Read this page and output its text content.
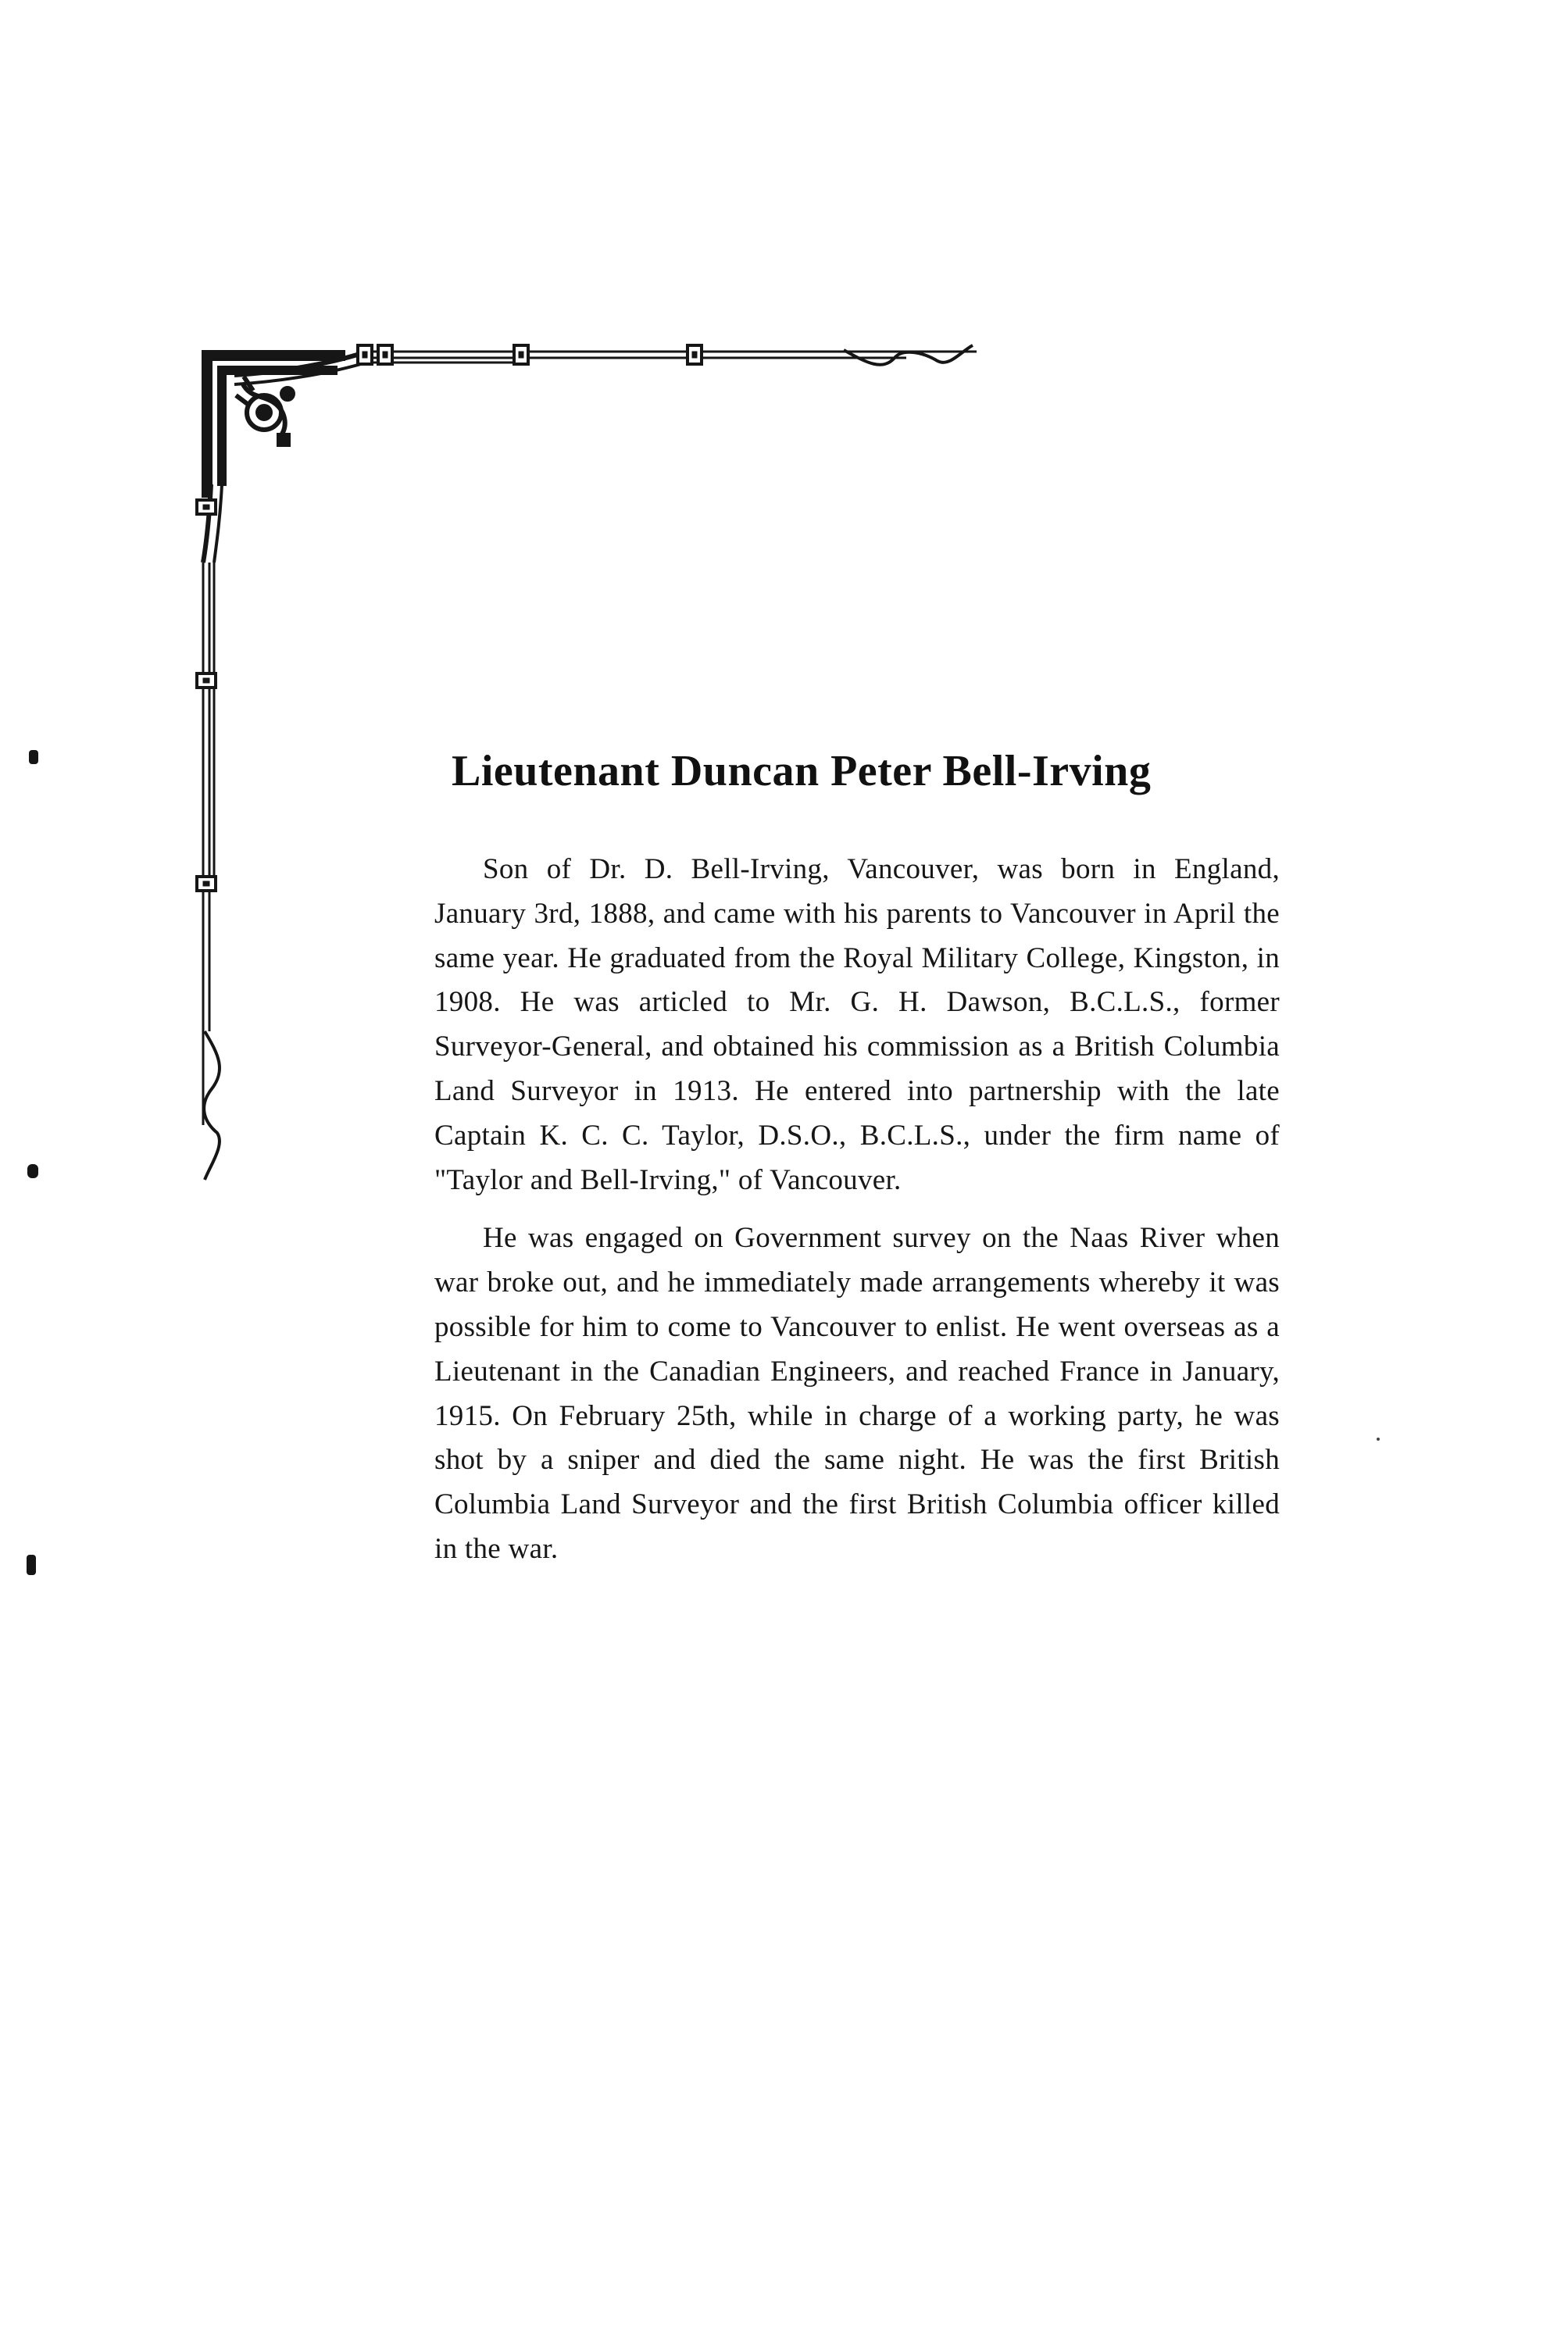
Lieutenant Duncan Peter Bell-Irving

Son of Dr. D. Bell-Irving, Vancouver, was born in England, January 3rd, 1888, and came with his parents to Vancouver in April the same year. He graduated from the Royal Military College, Kingston, in 1908. He was articled to Mr. G. H. Dawson, B.C.L.S., former Surveyor-General, and obtained his commission as a British Columbia Land Surveyor in 1913. He entered into partnership with the late Captain K. C. C. Taylor, D.S.O., B.C.L.S., under the firm name of "Taylor and Bell-Irving," of Vancouver.

He was engaged on Government survey on the Naas River when war broke out, and he immediately made arrangements whereby it was possible for him to come to Vancouver to enlist. He went overseas as a Lieutenant in the Canadian Engineers, and reached France in January, 1915. On February 25th, while in charge of a working party, he was shot by a sniper and died the same night. He was the first British Columbia Land Surveyor and the first British Columbia officer killed in the war.
